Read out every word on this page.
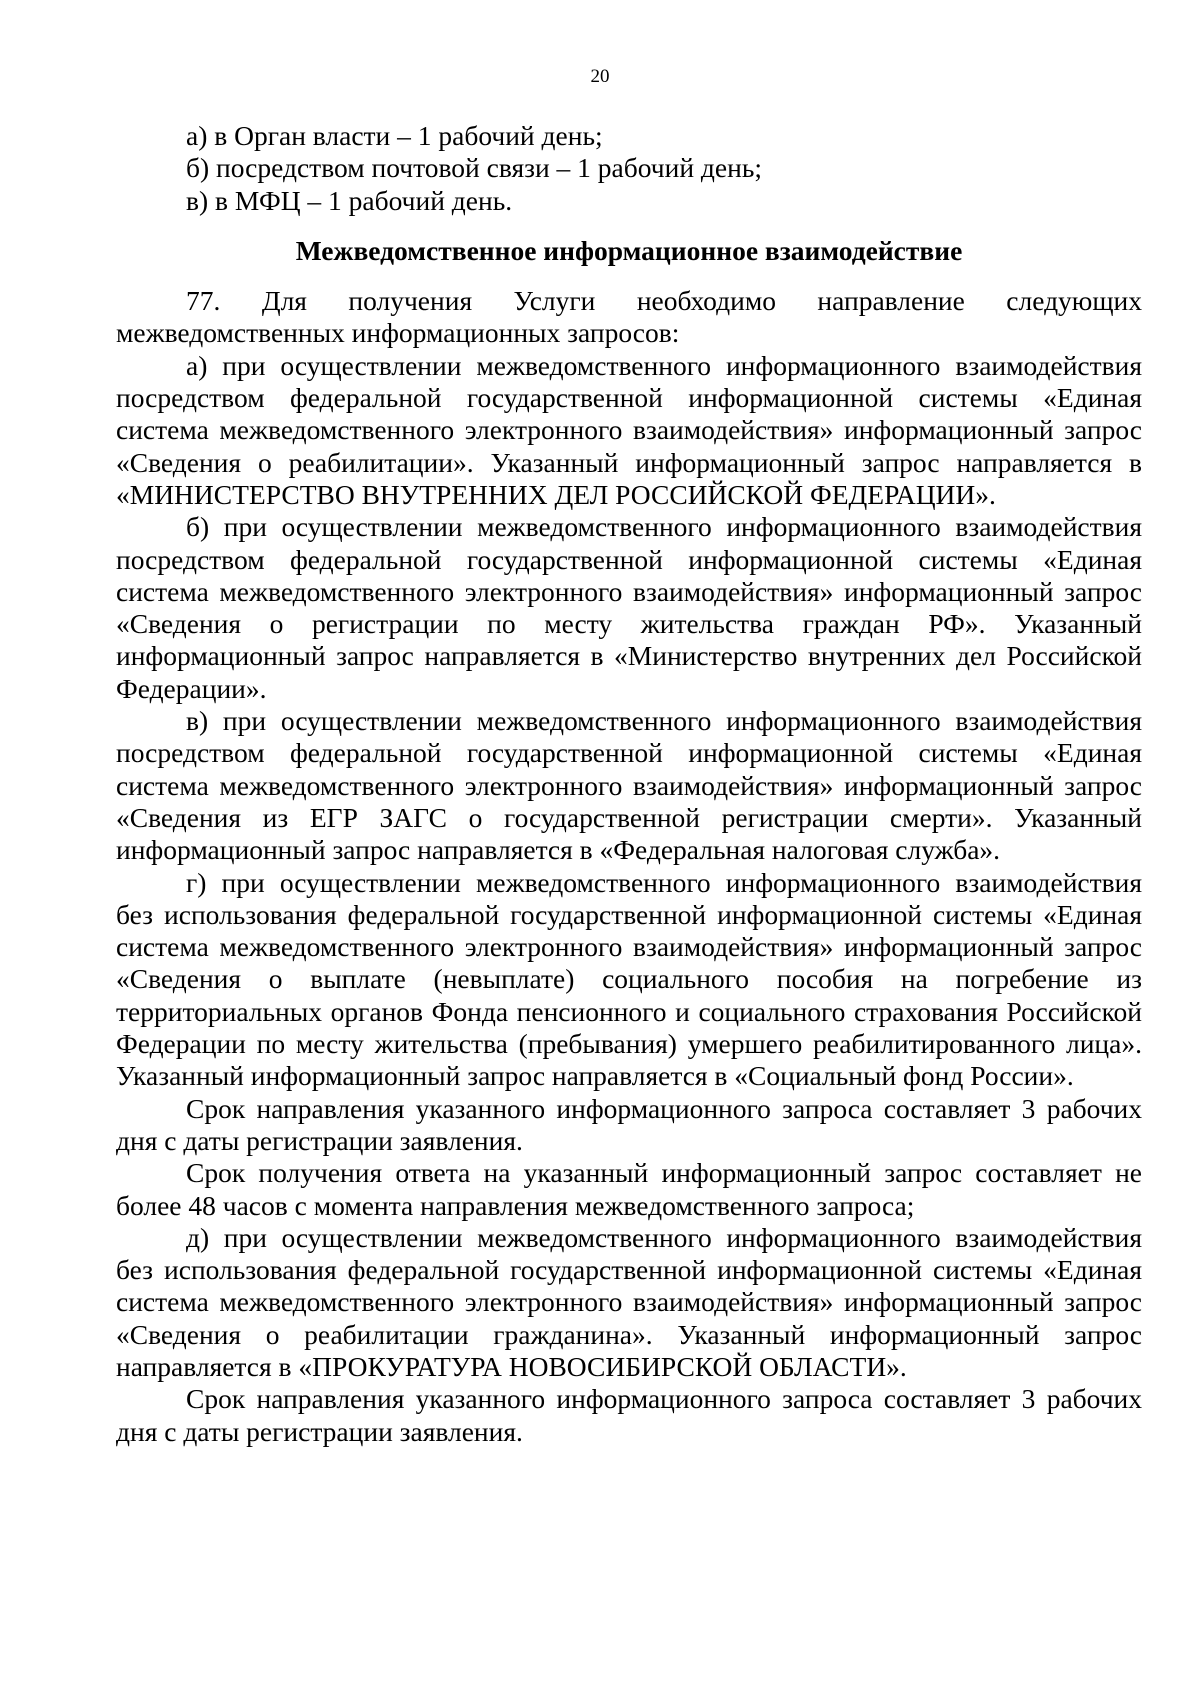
20

а) в Орган власти – 1 рабочий день;

б) посредством почтовой связи – 1 рабочий день;

в) в МФЦ – 1 рабочий день.

Межведомственное информационное взаимодействие

77. Для получения Услуги необходимо направление следующих межведомственных информационных запросов:

а) при осуществлении межведомственного информационного взаимодействия посредством федеральной государственной информационной системы «Единая система межведомственного электронного взаимодействия» информационный запрос «Сведения о реабилитации». Указанный информационный запрос направляется в «МИНИСТЕРСТВО ВНУТРЕННИХ ДЕЛ РОССИЙСКОЙ ФЕДЕРАЦИИ».

б) при осуществлении межведомственного информационного взаимодействия посредством федеральной государственной информационной системы «Единая система межведомственного электронного взаимодействия» информационный запрос «Сведения о регистрации по месту жительства граждан РФ». Указанный информационный запрос направляется в «Министерство внутренних дел Российской Федерации».

в) при осуществлении межведомственного информационного взаимодействия посредством федеральной государственной информационной системы «Единая система межведомственного электронного взаимодействия» информационный запрос «Сведения из ЕГР ЗАГС о государственной регистрации смерти». Указанный информационный запрос направляется в «Федеральная налоговая служба».

г) при осуществлении межведомственного информационного взаимодействия без использования федеральной государственной информационной системы «Единая система межведомственного электронного взаимодействия» информационный запрос «Сведения о выплате (невыплате) социального пособия на погребение из территориальных органов Фонда пенсионного и социального страхования Российской Федерации по месту жительства (пребывания) умершего реабилитированного лица». Указанный информационный запрос направляется в «Социальный фонд России».

Срок направления указанного информационного запроса составляет 3 рабочих дня с даты регистрации заявления.

Срок получения ответа на указанный информационный запрос составляет не более 48 часов с момента направления межведомственного запроса;

д) при осуществлении межведомственного информационного взаимодействия без использования федеральной государственной информационной системы «Единая система межведомственного электронного взаимодействия» информационный запрос «Сведения о реабилитации гражданина». Указанный информационный запрос направляется в «ПРОКУРАТУРА НОВОСИБИРСКОЙ ОБЛАСТИ».

Срок направления указанного информационного запроса составляет 3 рабочих дня с даты регистрации заявления.
